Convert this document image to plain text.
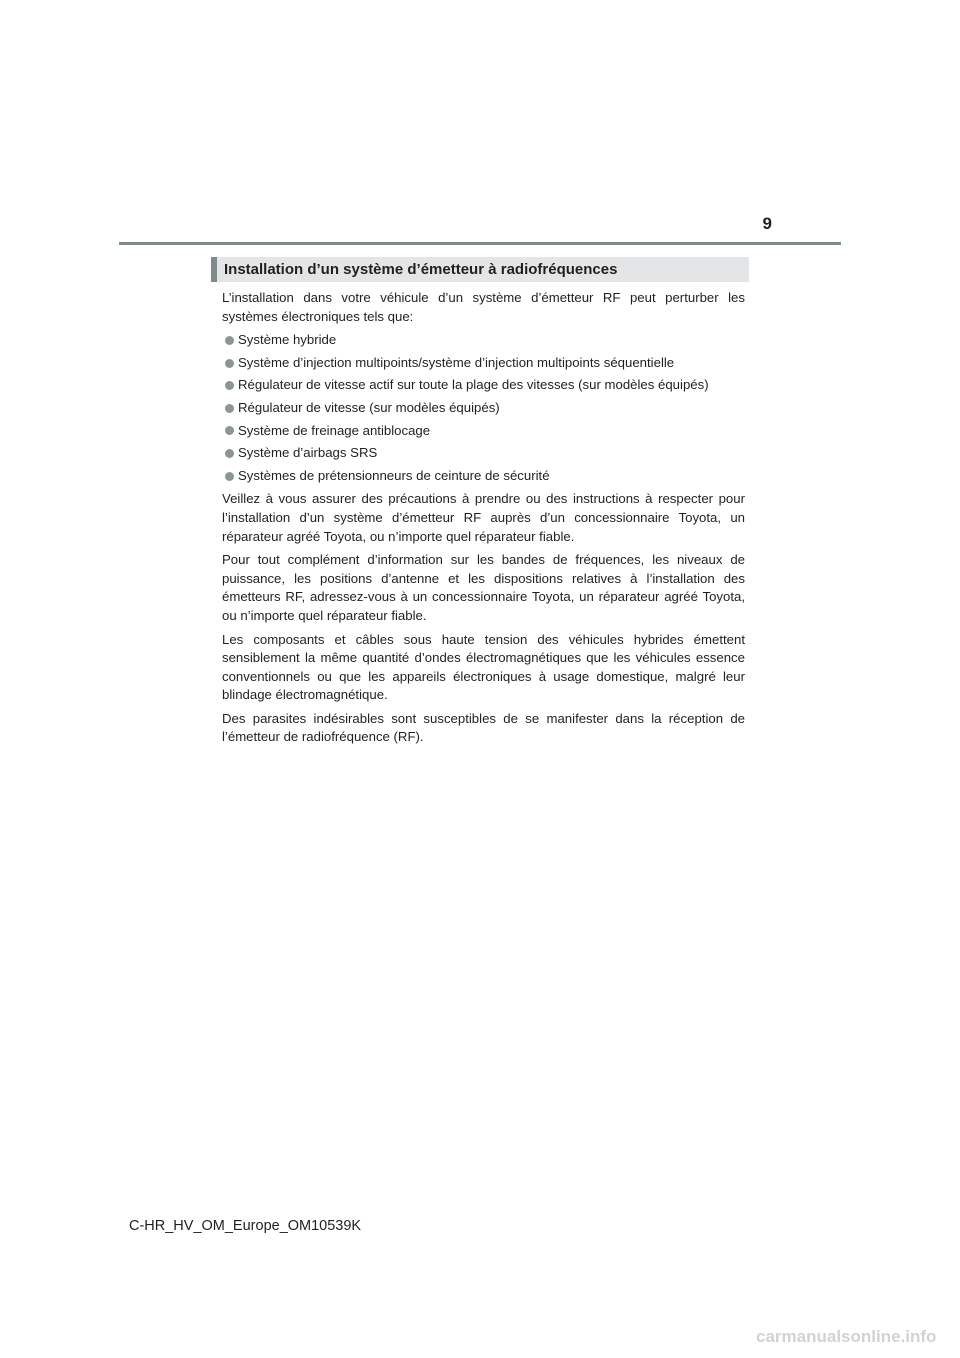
9
Installation d’un système d’émetteur à radiofréquences

L’installation dans votre véhicule d’un système d’émetteur RF peut perturber les systèmes électroniques tels que:

Système hybride
Système d’injection multipoints/système d’injection multipoints séquentielle
Régulateur de vitesse actif sur toute la plage des vitesses (sur modèles équipés)
Régulateur de vitesse (sur modèles équipés)
Système de freinage antiblocage
Système d’airbags SRS
Systèmes de prétensionneurs de ceinture de sécurité

Veillez à vous assurer des précautions à prendre ou des instructions à respecter pour l’installation d’un système d’émetteur RF auprès d’un concessionnaire Toyota, un réparateur agréé Toyota, ou n’importe quel réparateur fiable.

Pour tout complément d’information sur les bandes de fréquences, les niveaux de puissance, les positions d’antenne et les dispositions relatives à l’installation des émetteurs RF, adressez-vous à un concessionnaire Toyota, un réparateur agréé Toyota, ou n’importe quel réparateur fiable.

Les composants et câbles sous haute tension des véhicules hybrides émettent sensiblement la même quantité d’ondes électromagnétiques que les véhicules essence conventionnels ou que les appareils électroniques à usage domestique, malgré leur blindage électromagnétique.

Des parasites indésirables sont susceptibles de se manifester dans la réception de l’émetteur de radiofréquence (RF).

C-HR_HV_OM_Europe_OM10539K
carmanualsonline.info
